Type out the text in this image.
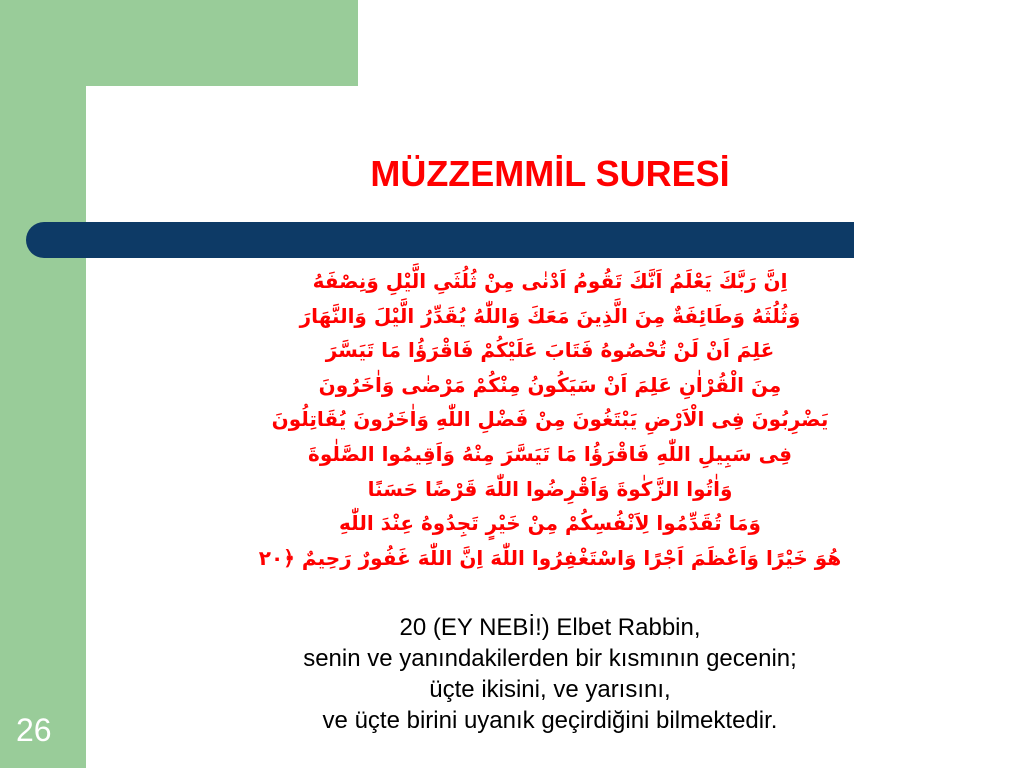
MÜZZEMMİL SURESİ
اِنَّ رَبَّكَ يَعْلَمُ اَنَّكَ تَقُومُ اَدْنٰى مِنْ ثُلُثَىِ الَّيْلِ وَنِصْفَهُ
وَثُلُثَهُ وَطَائِفَةٌ مِنَ الَّذِينَ مَعَكَ وَاللّٰهُ يُقَدِّرُ الَّيْلَ وَالنَّهَارَ
عَلِمَ اَنْ لَنْ تُحْصُوهُ فَتَابَ عَلَيْكُمْ فَاقْرَؤُا مَا تَيَسَّرَ
مِنَ الْقُرْاٰنِ عَلِمَ اَنْ سَيَكُونُ مِنْكُمْ مَرْضٰى وَاٰخَرُونَ
يَضْرِبُونَ فِى الْاَرْضِ يَبْتَغُونَ مِنْ فَضْلِ اللّٰهِ وَاٰخَرُونَ يُقَاتِلُونَ
فِى سَبِيلِ اللّٰهِ فَاقْرَؤُا مَا تَيَسَّرَ مِنْهُ وَاَقِيمُوا الصَّلٰوةَ
وَاٰتُوا الزَّكٰوةَ وَاَقْرِضُوا اللّٰهَ قَرْضًا حَسَنًا
وَمَا تُقَدِّمُوا لِاَنْفُسِكُمْ مِنْ خَيْرٍ تَجِدُوهُ عِنْدَ اللّٰهِ
هُوَ خَيْرًا وَاَعْظَمَ اَجْرًا وَاسْتَغْفِرُوا اللّٰهَ اِنَّ اللّٰهَ غَفُورٌ رَحِيمٌ ﴿٢٠
20 (EY NEBİ!) Elbet Rabbin,
senin ve yanındakilerden bir kısmının gecenin;
üçte ikisini, ve yarısını,
ve üçte birini uyanık geçirdiğini bilmektedir.
26
